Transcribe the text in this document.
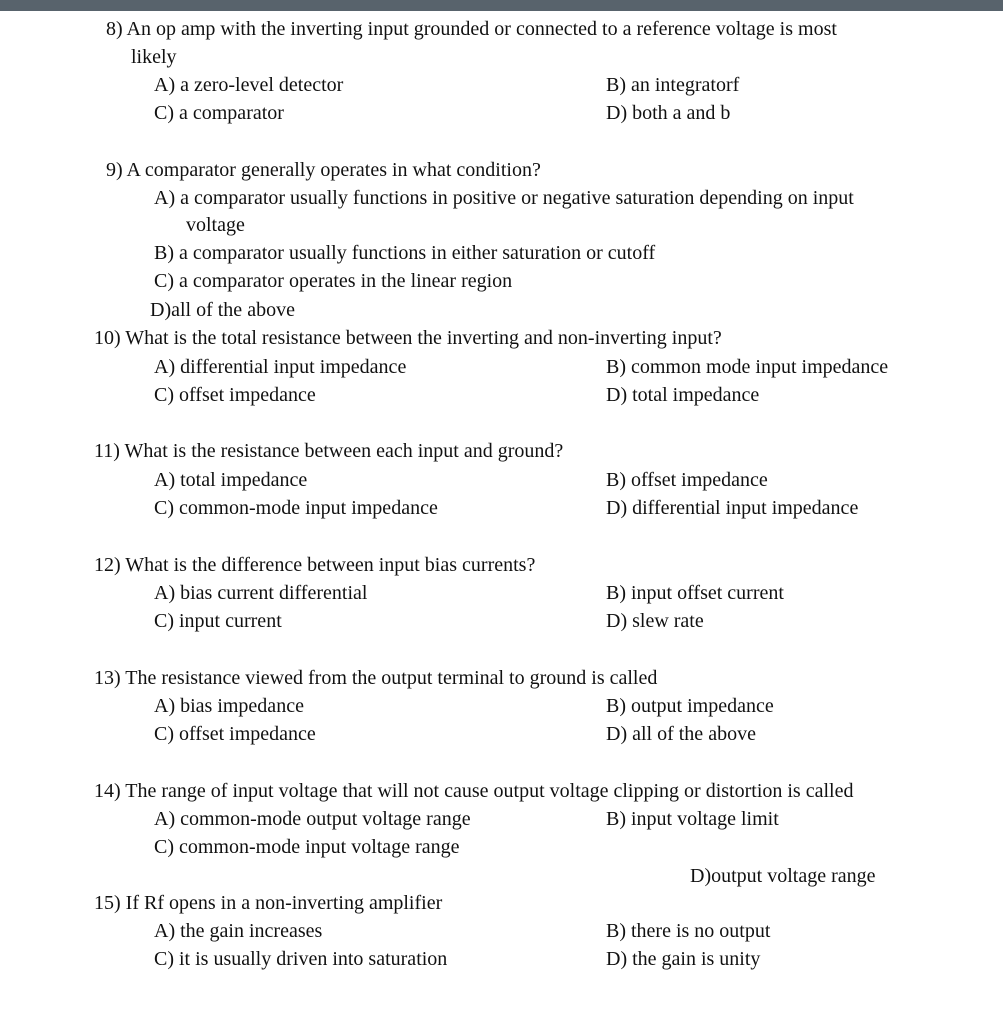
8) An op amp with the inverting input grounded or connected to a reference voltage is most
likely
A) a zero-level detector	B) an integratorf
C) a comparator	D) both a and b
9) A comparator generally operates in what condition?
A) a comparator usually functions in positive or negative saturation depending on input
voltage
B) a comparator usually functions in either saturation or cutoff
C) a comparator operates in the linear region
D)all of the above
10) What is the total resistance between the inverting and non-inverting input?
A) differential input impedance	B) common mode input impedance
C) offset impedance	D) total impedance
11) What is the resistance between each input and ground?
A) total impedance	B) offset impedance
C) common-mode input impedance	D) differential input impedance
12) What is the difference between input bias currents?
A) bias current differential	B) input offset current
C) input current	D) slew rate
13) The resistance viewed from the output terminal to ground is called
A) bias impedance	B) output impedance
C) offset impedance	D) all of the above
14) The range of input voltage that will not cause output voltage clipping or distortion is called
A) common-mode output voltage range	B) input voltage limit
C) common-mode input voltage range
D)output voltage range
15) If Rf opens in a non-inverting amplifier
A) the gain increases	B) there is no output
C) it is usually driven into saturation	D) the gain is unity
